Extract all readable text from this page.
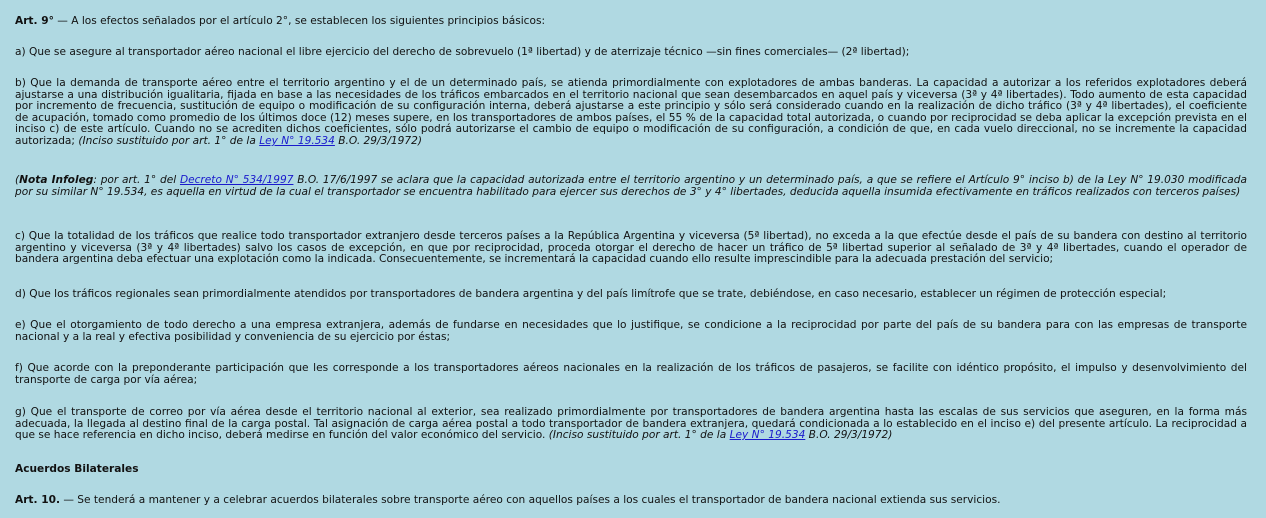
Art. 9° — A los efectos señalados por el artículo 2°, se establecen los siguientes principios básicos:

a) Que se asegure al transportador aéreo nacional el libre ejercicio del derecho de sobrevuelo (1ª libertad) y de aterrizaje técnico —sin fines comerciales— (2ª libertad);

b) Que la demanda de transporte aéreo entre el territorio argentino y el de un determinado país, se atienda primordialmente con explotadores de ambas banderas. La capacidad a autorizar a los referidos explotadores deberá ajustarse a una distribución igualitaria, fijada en base a las necesidades de los tráficos embarcados en el territorio nacional que sean desembarcados en aquel país y viceversa (3ª y 4ª libertades). Todo aumento de esta capacidad por incremento de frecuencia, sustitución de equipo o modificación de su configuración interna, deberá ajustarse a este principio y sólo será considerado cuando en la realización de dicho tráfico (3ª y 4ª libertades), el coeficiente de acupación, tomado como promedio de los últimos doce (12) meses supere, en los transportadores de ambos países, el 55 % de la capacidad total autorizada, o cuando por reciprocidad se deba aplicar la excepción prevista en el inciso c) de este artículo. Cuando no se acrediten dichos coeficientes, sólo podrá autorizarse el cambio de equipo o modificación de su configuración, a condición de que, en cada vuelo direccional, no se incremente la capacidad autorizada; (Inciso sustituido por art. 1° de la Ley N° 19.534 B.O. 29/3/1972)

(Nota Infoleg: por art. 1° del Decreto N° 534/1997 B.O. 17/6/1997 se aclara que la capacidad autorizada entre el territorio argentino y un determinado país, a que se refiere el Artículo 9° inciso b) de la Ley N° 19.030 modificada por su similar N° 19.534, es aquella en virtud de la cual el transportador se encuentra habilitado para ejercer sus derechos de 3° y 4° libertades, deducida aquella insumida efectivamente en tráficos realizados con terceros países)

c) Que la totalidad de los tráficos que realice todo transportador extranjero desde terceros países a la República Argentina y viceversa (5ª libertad), no exceda a la que efectúe desde el país de su bandera con destino al territorio argentino y viceversa (3ª y 4ª libertades) salvo los casos de excepción, en que por reciprocidad, proceda otorgar el derecho de hacer un tráfico de 5ª libertad superior al señalado de 3ª y 4ª libertades, cuando el operador de bandera argentina deba efectuar una explotación como la indicada. Consecuentemente, se incrementará la capacidad cuando ello resulte imprescindible para la adecuada prestación del servicio;

d) Que los tráficos regionales sean primordialmente atendidos por transportadores de bandera argentina y del país limítrofe que se trate, debiéndose, en caso necesario, establecer un régimen de protección especial;

e) Que el otorgamiento de todo derecho a una empresa extranjera, además de fundarse en necesidades que lo justifique, se condicione a la reciprocidad por parte del país de su bandera para con las empresas de transporte nacional y a la real y efectiva posibilidad y conveniencia de su ejercicio por éstas;

f) Que acorde con la preponderante participación que les corresponde a los transportadores aéreos nacionales en la realización de los tráficos de pasajeros, se facilite con idéntico propósito, el impulso y desenvolvimiento del transporte de carga por vía aérea;

g) Que el transporte de correo por vía aérea desde el territorio nacional al exterior, sea realizado primordialmente por transportadores de bandera argentina hasta las escalas de sus servicios que aseguren, en la forma más adecuada, la llegada al destino final de la carga postal. Tal asignación de carga aérea postal a todo transportador de bandera extranjera, quedará condicionada a lo establecido en el inciso e) del presente artículo. La reciprocidad a que se hace referencia en dicho inciso, deberá medirse en función del valor económico del servicio. (Inciso sustituido por art. 1° de la Ley N° 19.534 B.O. 29/3/1972)

Acuerdos Bilaterales

Art. 10. — Se tenderá a mantener y a celebrar acuerdos bilaterales sobre transporte aéreo con aquellos países a los cuales el transportador de bandera nacional extienda sus servicios.
